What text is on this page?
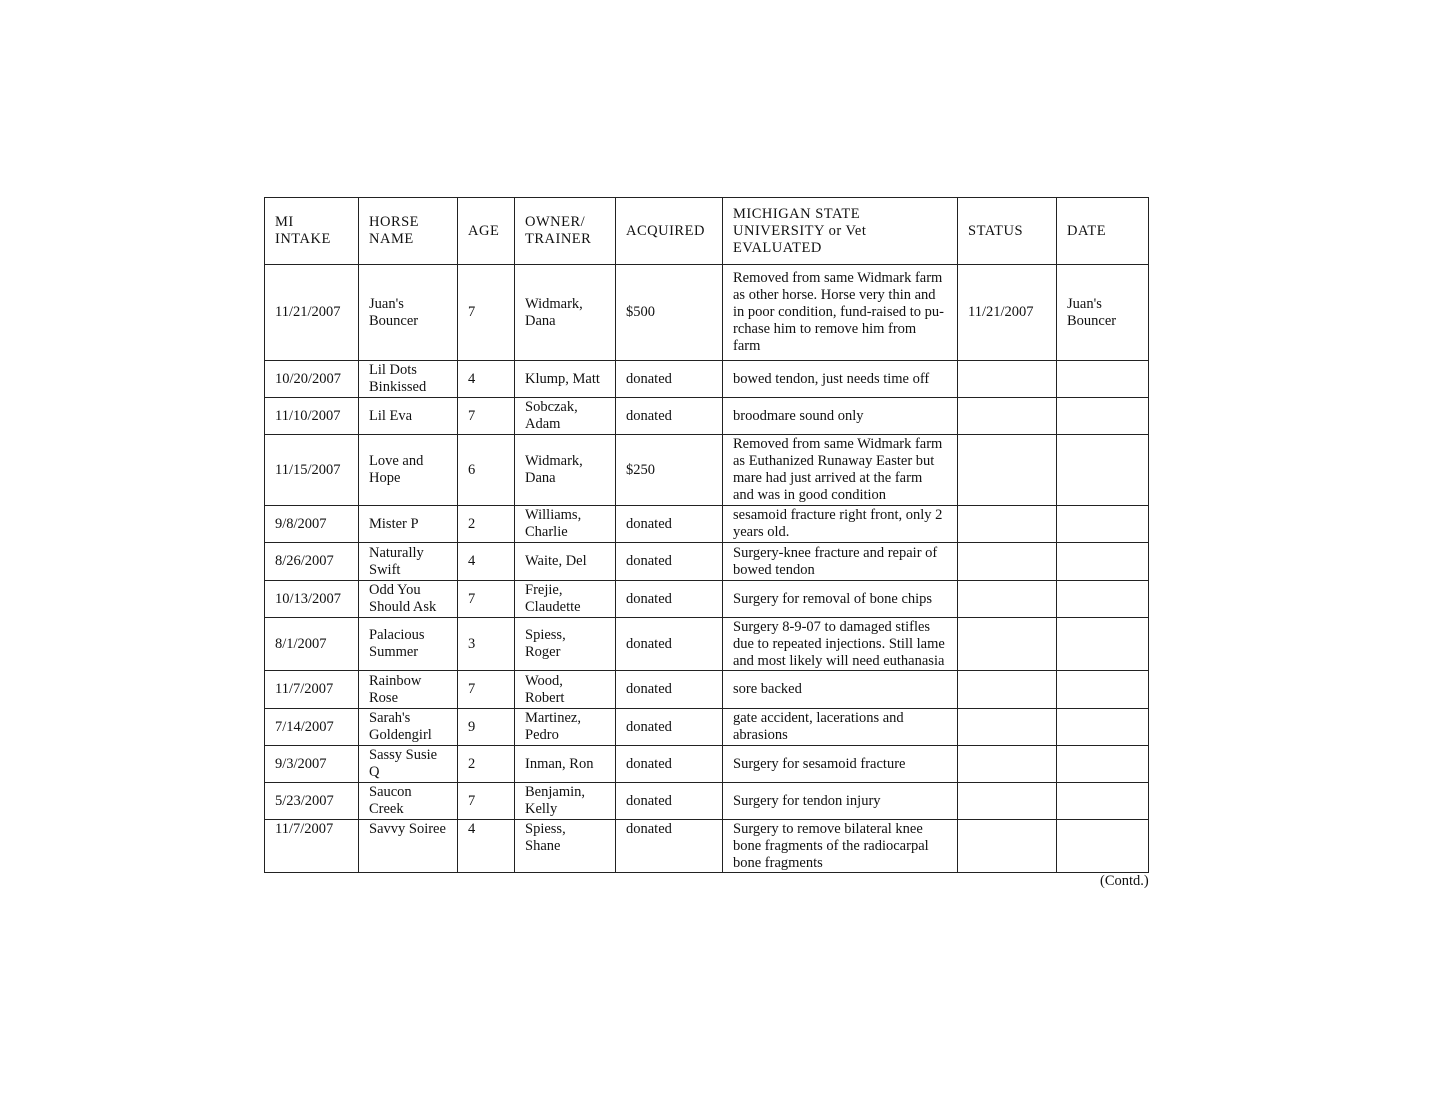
MI
INTAKE	HORSE
NAME	AGE	OWNER/
TRAINER	ACQUIRED	MICHIGAN STATE
UNIVERSITY or Vet
EVALUATED	STATUS	DATE

11/21/2007	Juan's
Bouncer	7	Widmark,
Dana	$500	Removed from same Widmark farm
as other horse. Horse very thin and
in poor condition, fund-raised to pu-
rchase him to remove him from
farm	11/21/2007	Juan's
Bouncer

10/20/2007	Lil Dots
Binkissed	4	Klump, Matt	donated	bowed tendon, just needs time off		

11/10/2007	Lil Eva	7	Sobczak,
Adam	donated	broodmare sound only		

11/15/2007	Love and
Hope	6	Widmark,
Dana	$250	Removed from same Widmark farm
as Euthanized Runaway Easter but
mare had just arrived at the farm
and was in good condition		

9/8/2007	Mister P	2	Williams,
Charlie	donated	sesamoid fracture right front, only 2
years old.		

8/26/2007	Naturally
Swift	4	Waite, Del	donated	Surgery-knee fracture and repair of
bowed tendon		

10/13/2007	Odd You
Should Ask	7	Frejie,
Claudette	donated	Surgery for removal of bone chips		

8/1/2007	Palacious
Summer	3	Spiess,
Roger	donated	Surgery 8-9-07 to damaged stifles
due to repeated injections. Still lame
and most likely will need euthanasia		

11/7/2007	Rainbow
Rose	7	Wood,
Robert	donated	sore backed		

7/14/2007	Sarah's
Goldengirl	9	Martinez,
Pedro	donated	gate accident, lacerations and
abrasions		

9/3/2007	Sassy Susie
Q	2	Inman, Ron	donated	Surgery for sesamoid fracture		

5/23/2007	Saucon
Creek	7	Benjamin,
Kelly	donated	Surgery for tendon injury		

11/7/2007	Savvy Soiree	4	Spiess,
Shane	donated	Surgery to remove bilateral knee
bone fragments of the radiocarpal
bone fragments		

(Contd.)
